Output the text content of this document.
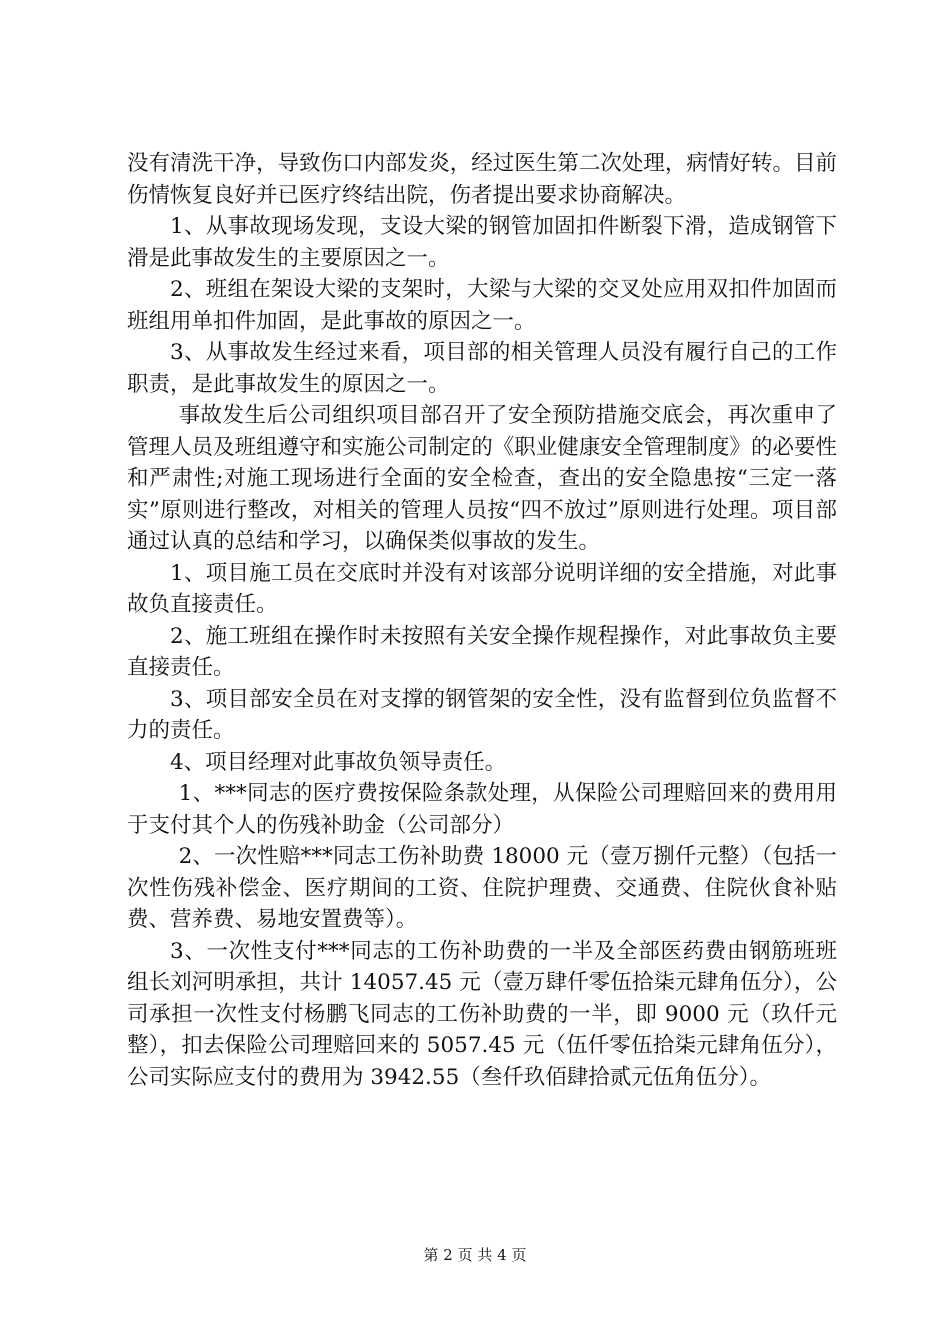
没有清洗干净，导致伤口内部发炎，经过医生第二次处理，病情好转。目前伤情恢复良好并已医疗终结出院，伤者提出要求协商解决。

1、从事故现场发现，支设大梁的钢管加固扣件断裂下滑，造成钢管下滑是此事故发生的主要原因之一。

2、班组在架设大梁的支架时，大梁与大梁的交叉处应用双扣件加固而班组用单扣件加固，是此事故的原因之一。

3、从事故发生经过来看，项目部的相关管理人员没有履行自己的工作职责，是此事故发生的原因之一。

事故发生后公司组织项目部召开了安全预防措施交底会，再次重申了管理人员及班组遵守和实施公司制定的《职业健康安全管理制度》的必要性和严肃性;对施工现场进行全面的安全检查，查出的安全隐患按“三定一落实”原则进行整改，对相关的管理人员按“四不放过”原则进行处理。项目部通过认真的总结和学习，以确保类似事故的发生。

1、项目施工员在交底时并没有对该部分说明详细的安全措施，对此事故负直接责任。

2、施工班组在操作时未按照有关安全操作规程操作，对此事故负主要直接责任。

3、项目部安全员在对支撑的钢管架的安全性，没有监督到位负监督不力的责任。

4、项目经理对此事故负领导责任。

1、***同志的医疗费按保险条款处理，从保险公司理赔回来的费用用于支付其个人的伤残补助金（公司部分）

2、一次性赔***同志工伤补助费 18000 元（壹万捌仟元整）（包括一次性伤残补偿金、医疗期间的工资、住院护理费、交通费、住院伙食补贴费、营养费、易地安置费等）。

3、一次性支付***同志的工伤补助费的一半及全部医药费由钢筋班班组长刘河明承担，共计 14057.45 元（壹万肆仟零伍拾柒元肆角伍分），公司承担一次性支付杨鹏飞同志的工伤补助费的一半，即 9000 元（玖仟元整），扣去保险公司理赔回来的 5057.45 元（伍仟零伍拾柒元肆角伍分），公司实际应支付的费用为 3942.55（叁仟玖佰肆拾贰元伍角伍分）。

第 2 页 共 4 页
